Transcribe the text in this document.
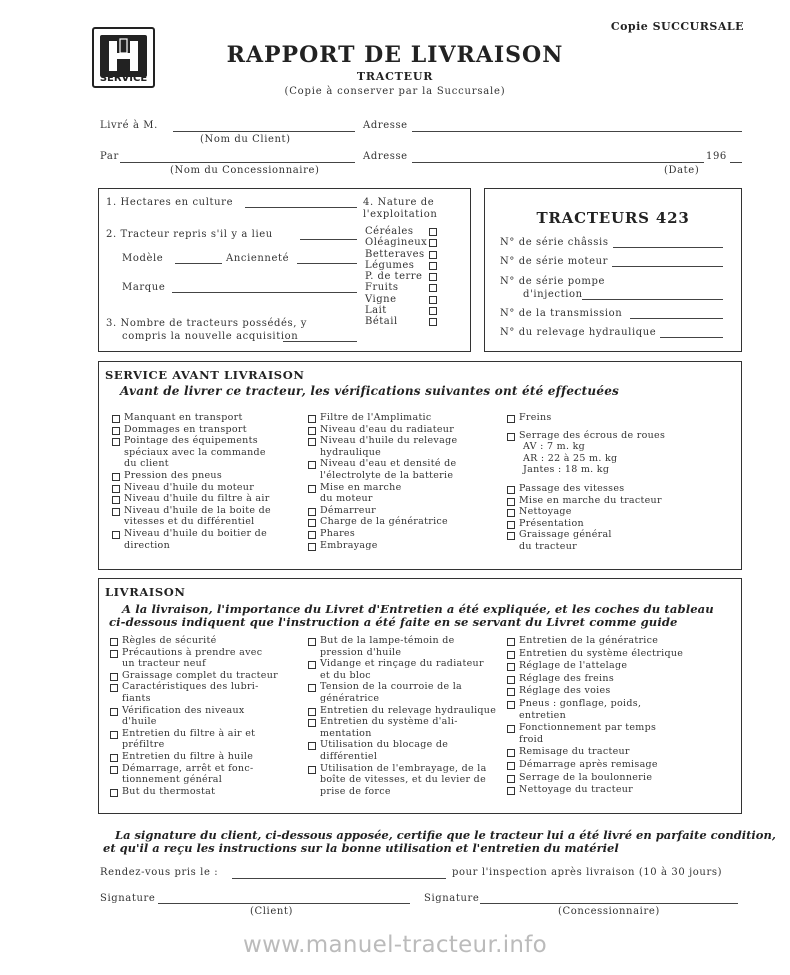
SERVICE
Copie SUCCURSALE
RAPPORT DE LIVRAISON
TRACTEUR
(Copie à conserver par la Succursale)
Livré à M.	Adresse
(Nom du Client)
Par	Adresse	196
(Nom du Concessionnaire)	(Date)
1. Hectares en culture
2. Tracteur repris s'il y a lieu
Modèle	Ancienneté
Marque
3. Nombre de tracteurs possédés, y
compris la nouvelle acquisition
4. Nature de
l'exploitation
Céréales
Oléagineux
Betteraves
Légumes
P. de terre
Fruits
Vigne
Lait
Bétail
TRACTEURS 423
N° de série châssis
N° de série moteur
N° de série pompe
d'injection
N° de la transmission
N° du relevage hydraulique
SERVICE AVANT LIVRAISON
Avant de livrer ce tracteur, les vérifications suivantes ont été effectuées
Manquant en transport
Dommages en transport
Pointage des équipements
spéciaux avec la commande
du client
Pression des pneus
Niveau d'huile du moteur
Niveau d'huile du filtre à air
Niveau d'huile de la boite de
vitesses et du différentiel
Niveau d'huile du boitier de
direction
Filtre de l'Amplimatic
Niveau d'eau du radiateur
Niveau d'huile du relevage
hydraulique
Niveau d'eau et densité de
l'électrolyte de la batterie
Mise en marche
du moteur
Démarreur
Charge de la génératrice
Phares
Embrayage
Freins
Serrage des écrous de roues
AV : 7 m. kg
AR : 22 à 25 m. kg
Jantes : 18 m. kg
Passage des vitesses
Mise en marche du tracteur
Nettoyage
Présentation
Graissage général
du tracteur
LIVRAISON
A la livraison, l'importance du Livret d'Entretien a été expliquée, et les coches du tableau
ci-dessous indiquent que l'instruction a été faite en se servant du Livret comme guide
Règles de sécurité
Précautions à prendre avec
un tracteur neuf
Graissage complet du tracteur
Caractéristiques des lubri-
fiants
Vérification des niveaux
d'huile
Entretien du filtre à air et
préfiltre
Entretien du filtre à huile
Démarrage, arrêt et fonc-
tionnement général
But du thermostat
But de la lampe-témoin de
pression d'huile
Vidange et rinçage du radiateur
et du bloc
Tension de la courroie de la
génératrice
Entretien du relevage hydraulique
Entretien du système d'ali-
mentation
Utilisation du blocage de
différentiel
Utilisation de l'embrayage, de la
boîte de vitesses, et du levier de
prise de force
Entretien de la génératrice
Entretien du système électrique
Réglage de l'attelage
Réglage des freins
Réglage des voies
Pneus : gonflage, poids,
entretien
Fonctionnement par temps
froid
Remisage du tracteur
Démarrage après remisage
Serrage de la boulonnerie
Nettoyage du tracteur
La signature du client, ci-dessous apposée, certifie que le tracteur lui a été livré en parfaite condition,
et qu'il a reçu les instructions sur la bonne utilisation et l'entretien du matériel
Rendez-vous pris le :	pour l'inspection après livraison (10 à 30 jours)
Signature	Signature
(Client)	(Concessionnaire)
www.manuel-tracteur.info
